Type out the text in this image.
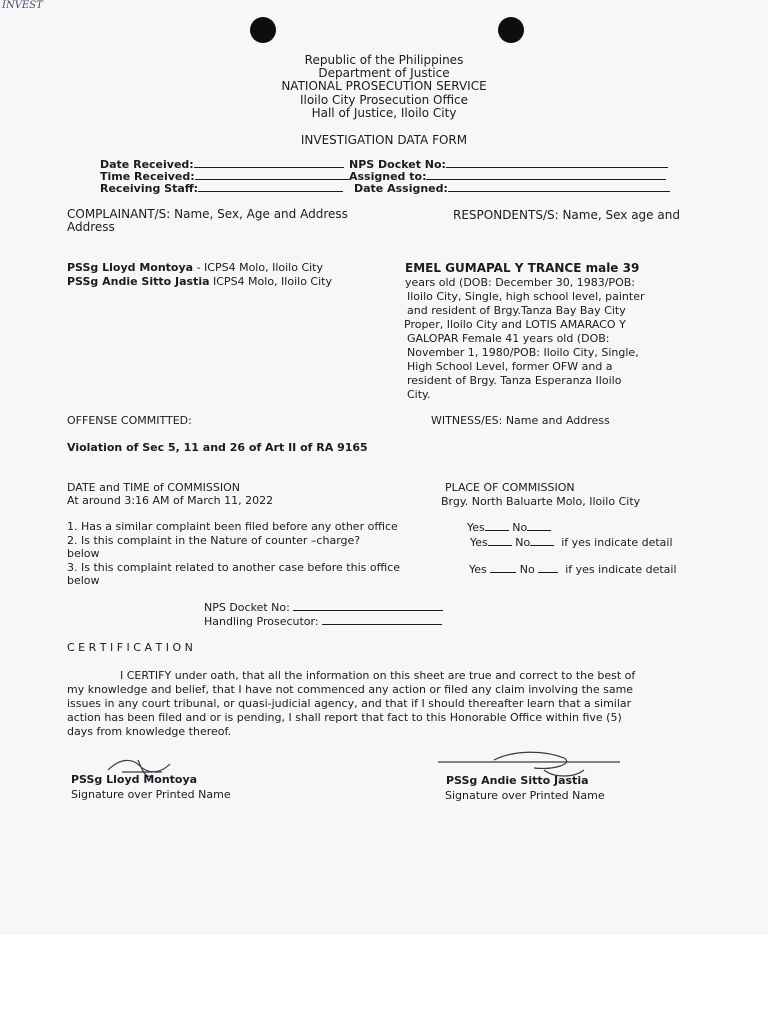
INVEST
Republic of the Philippines
Department of Justice
NATIONAL PROSECUTION SERVICE
Iloilo City Prosecution Office
Hall of Justice, Iloilo City
INVESTIGATION DATA FORM
Date Received:
Time Received:
Receiving Staff:
NPS Docket No:
Assigned to:
Date Assigned:
COMPLAINANT/S: Name, Sex, Age and Address
Address
PSSg Lloyd Montoya - ICPS4 Molo, Iloilo City
PSSg Andie Sitto Jastia ICPS4 Molo, Iloilo City
RESPONDENTS/S: Name, Sex age and
EMEL GUMAPAL Y TRANCE male 39
years old (DOB: December 30, 1983/POB:
Iloilo City, Single, high school level, painter
and resident of Brgy.Tanza Bay Bay City
Proper, Iloilo City and LOTIS AMARACO Y
GALOPAR Female 41 years old (DOB:
November 1, 1980/POB: Iloilo City, Single,
High School Level, former OFW and a
resident of Brgy. Tanza Esperanza Iloilo
City.
OFFENSE COMMITTED:	WITNESS/ES: Name and Address
Violation of Sec 5, 11 and 26 of Art II of RA 9165
DATE and TIME of COMMISSION
At around 3:16 AM of March 11, 2022
PLACE OF COMMISSION
Brgy. North Baluarte Molo, Iloilo City
1. Has a similar complaint been filed before any other office	Yes	No
2. Is this complaint in the Nature of counter –charge?
below
Yes	No	if yes indicate detail
3. Is this complaint related to another case before this office
below
Yes	No	if yes indicate detail
NPS Docket No:
Handling Prosecutor:
C E R T I F I C A T I O N
I CERTIFY under oath, that all the information on this sheet are true and correct to the best of
my knowledge and belief, that I have not commenced any action or filed any claim involving the same
issues in any court tribunal, or quasi-judicial agency, and that if I should thereafter learn that a similar
action has been filed and or is pending, I shall report that fact to this Honorable Office within five (5)
days from knowledge thereof.
PSSg Lloyd Montoya
Signature over Printed Name
PSSg Andie Sitto Jastia
Signature over Printed Name
